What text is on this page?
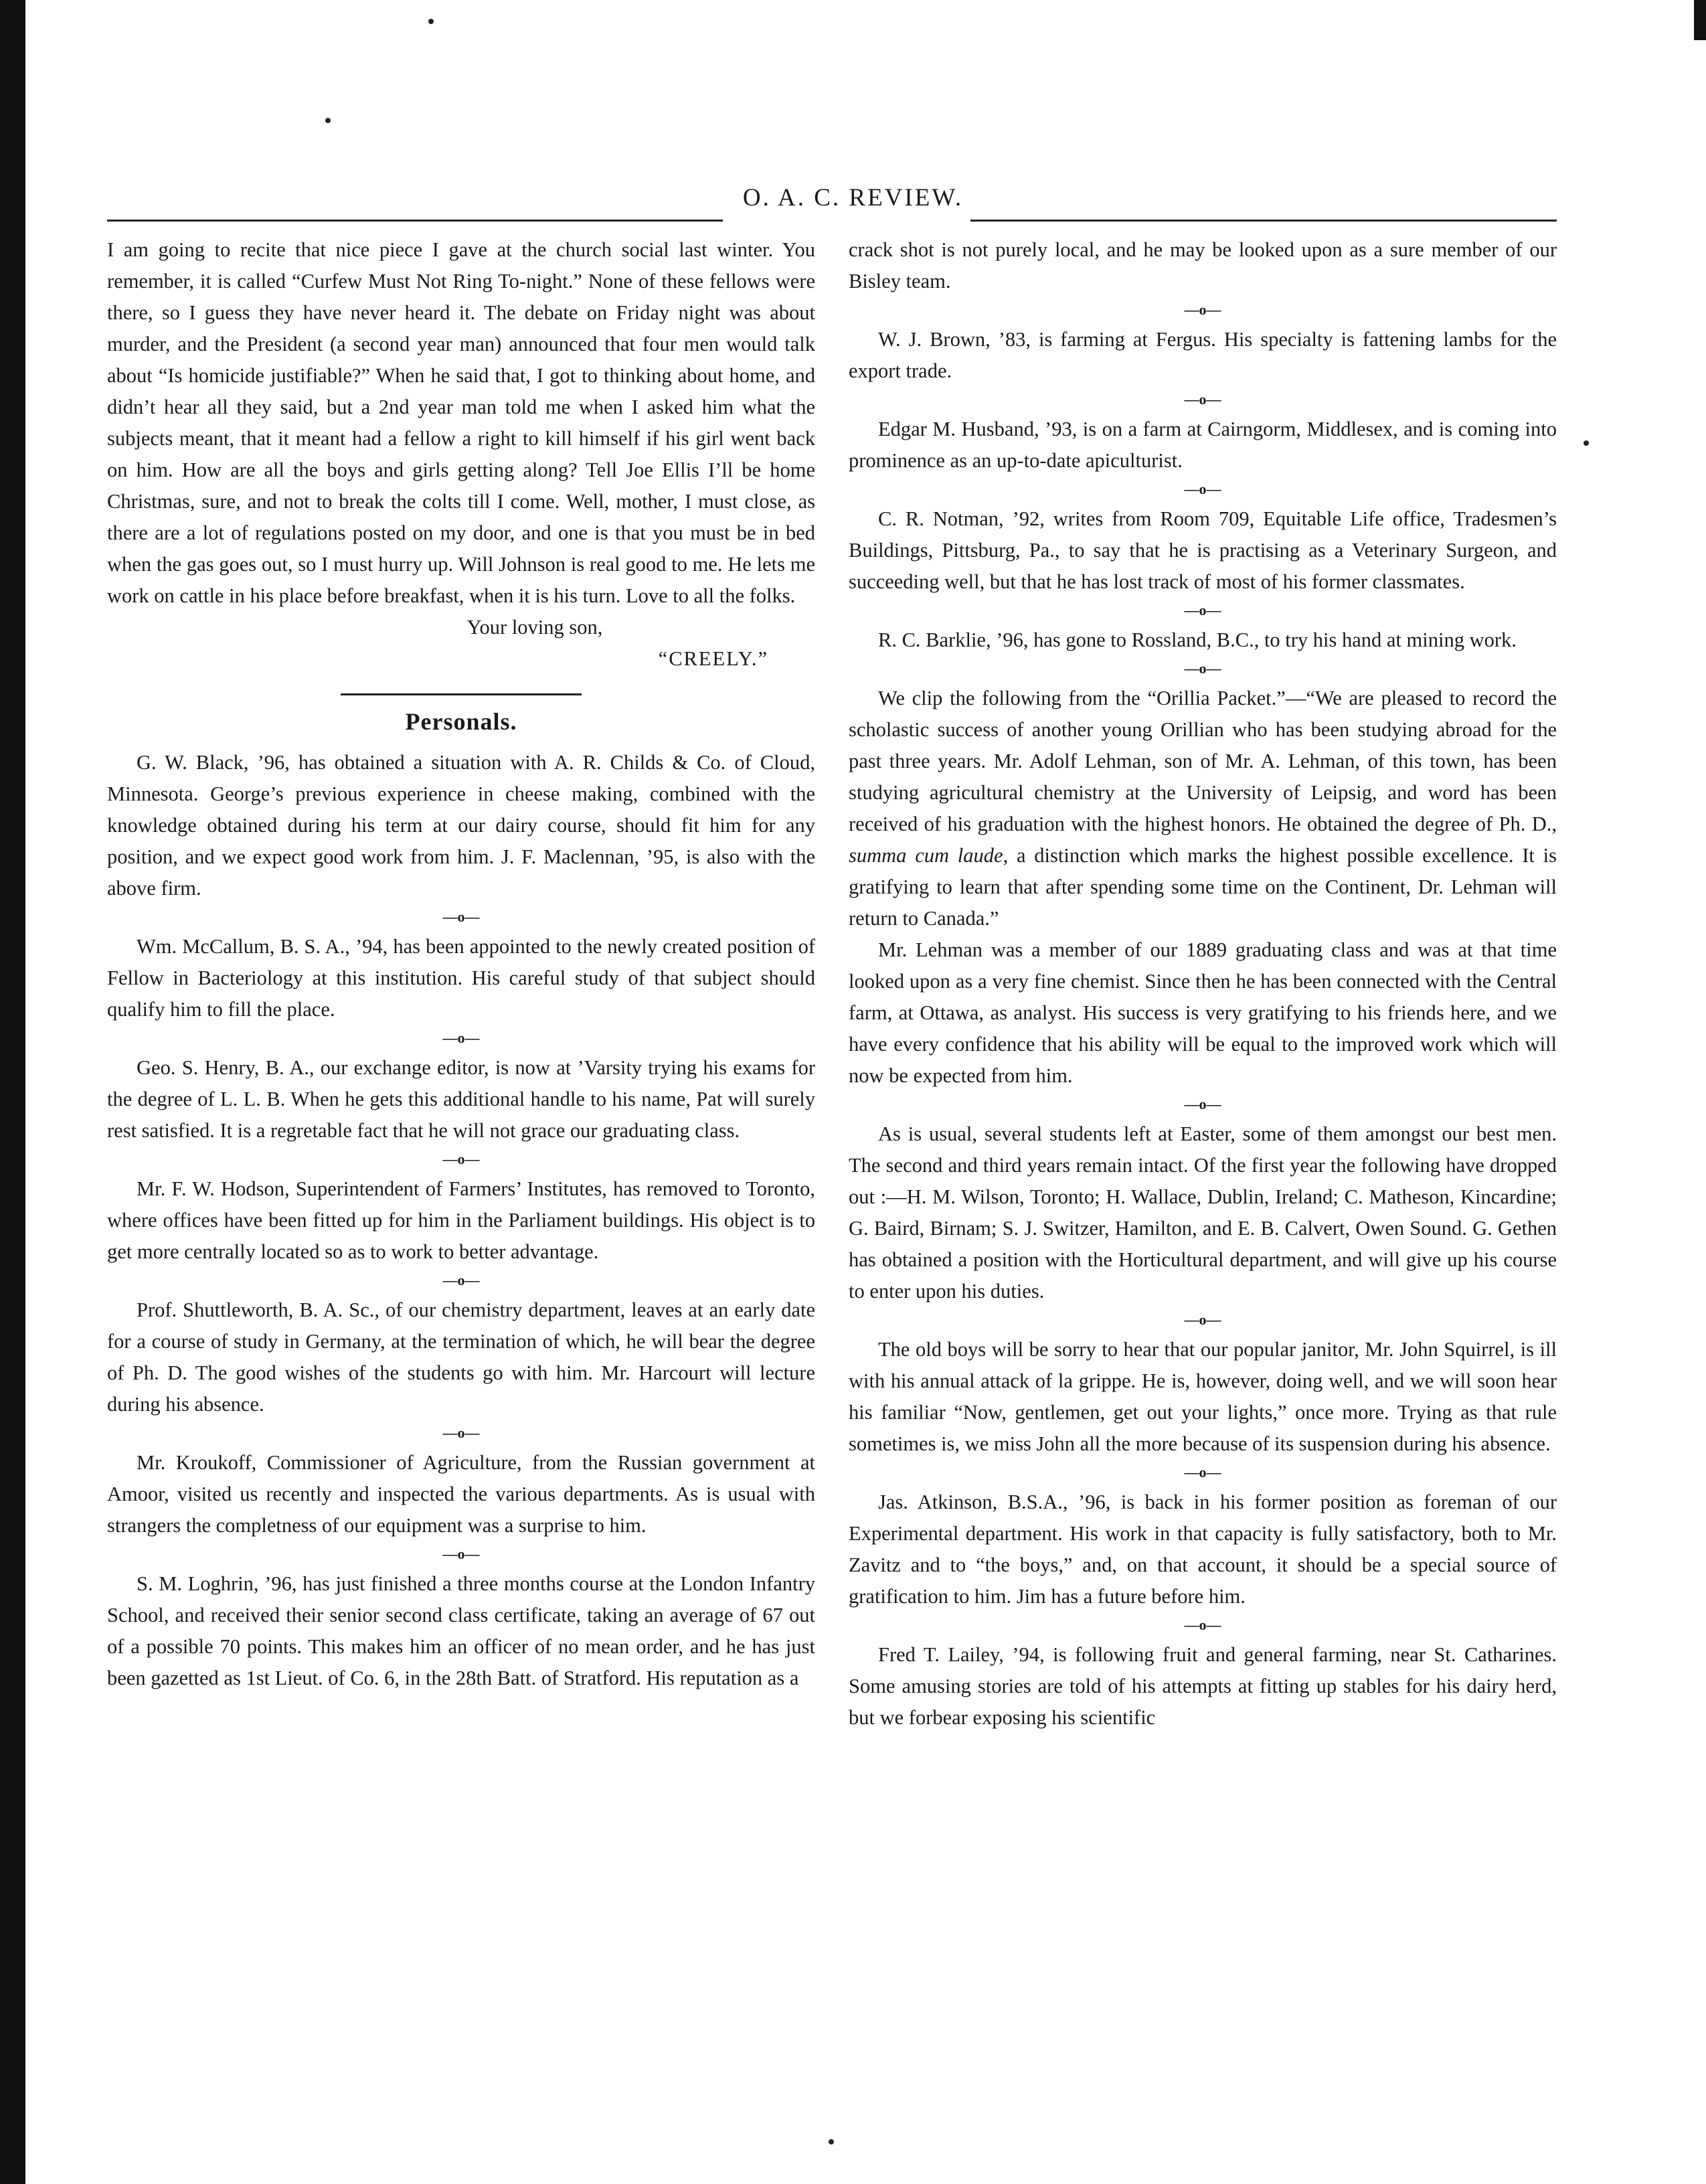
O. A. C. REVIEW.

I am going to recite that nice piece I gave at the church social last winter. You remember, it is called “Curfew Must Not Ring To-night.” None of these fellows were there, so I guess they have never heard it. The debate on Friday night was about murder, and the President (a second year man) announced that four men would talk about “Is homicide justifiable?” When he said that, I got to thinking about home, and didn’t hear all they said, but a 2nd year man told me when I asked him what the subjects meant, that it meant had a fellow a right to kill himself if his girl went back on him. How are all the boys and girls getting along? Tell Joe Ellis I’ll be home Christmas, sure, and not to break the colts till I come. Well, mother, I must close, as there are a lot of regulations posted on my door, and one is that you must be in bed when the gas goes out, so I must hurry up. Will Johnson is real good to me. He lets me work on cattle in his place before breakfast, when it is his turn. Love to all the folks.

Your loving son,

“CREELY.”

Personals.

G. W. Black, ’96, has obtained a situation with A. R. Childs & Co. of Cloud, Minnesota. George’s previous experience in cheese making, combined with the knowledge obtained during his term at our dairy course, should fit him for any position, and we expect good work from him. J. F. Maclennan, ’95, is also with the above firm.

—o—

Wm. McCallum, B. S. A., ’94, has been appointed to the newly created position of Fellow in Bacteriology at this institution. His careful study of that subject should qualify him to fill the place.

—o—

Geo. S. Henry, B. A., our exchange editor, is now at ’Varsity trying his exams for the degree of L. L. B. When he gets this additional handle to his name, Pat will surely rest satisfied. It is a regretable fact that he will not grace our graduating class.

—o—

Mr. F. W. Hodson, Superintendent of Farmers’ Institutes, has removed to Toronto, where offices have been fitted up for him in the Parliament buildings. His object is to get more centrally located so as to work to better advantage.

—o—

Prof. Shuttleworth, B. A. Sc., of our chemistry department, leaves at an early date for a course of study in Germany, at the termination of which, he will bear the degree of Ph. D. The good wishes of the students go with him. Mr. Harcourt will lecture during his absence.

—o—

Mr. Kroukoff, Commissioner of Agriculture, from the Russian government at Amoor, visited us recently and inspected the various departments. As is usual with strangers the completness of our equipment was a surprise to him.

—o—

S. M. Loghrin, ’96, has just finished a three months course at the London Infantry School, and received their senior second class certificate, taking an average of 67 out of a possible 70 points. This makes him an officer of no mean order, and he has just been gazetted as 1st Lieut. of Co. 6, in the 28th Batt. of Stratford. His reputation as a

crack shot is not purely local, and he may be looked upon as a sure member of our Bisley team.

—o—

W. J. Brown, ’83, is farming at Fergus. His specialty is fattening lambs for the export trade.

—o—

Edgar M. Husband, ’93, is on a farm at Cairngorm, Middlesex, and is coming into prominence as an up-to-date apiculturist.

—o—

C. R. Notman, ’92, writes from Room 709, Equitable Life office, Tradesmen’s Buildings, Pittsburg, Pa., to say that he is practising as a Veterinary Surgeon, and succeeding well, but that he has lost track of most of his former classmates.

—o—

R. C. Barklie, ’96, has gone to Rossland, B.C., to try his hand at mining work.

—o—

We clip the following from the “Orillia Packet.”—“We are pleased to record the scholastic success of another young Orillian who has been studying abroad for the past three years. Mr. Adolf Lehman, son of Mr. A. Lehman, of this town, has been studying agricultural chemistry at the University of Leipsig, and word has been received of his graduation with the highest honors. He obtained the degree of Ph. D., summa cum laude, a distinction which marks the highest possible excellence. It is gratifying to learn that after spending some time on the Continent, Dr. Lehman will return to Canada.”

Mr. Lehman was a member of our 1889 graduating class and was at that time looked upon as a very fine chemist. Since then he has been connected with the Central farm, at Ottawa, as analyst. His success is very gratifying to his friends here, and we have every confidence that his ability will be equal to the improved work which will now be expected from him.

—o—

As is usual, several students left at Easter, some of them amongst our best men. The second and third years remain intact. Of the first year the following have dropped out :—H. M. Wilson, Toronto; H. Wallace, Dublin, Ireland; C. Matheson, Kincardine; G. Baird, Birnam; S. J. Switzer, Hamilton, and E. B. Calvert, Owen Sound. G. Gethen has obtained a position with the Horticultural department, and will give up his course to enter upon his duties.

—o—

The old boys will be sorry to hear that our popular janitor, Mr. John Squirrel, is ill with his annual attack of la grippe. He is, however, doing well, and we will soon hear his familiar “Now, gentlemen, get out your lights,” once more. Trying as that rule sometimes is, we miss John all the more because of its suspension during his absence.

—o—

Jas. Atkinson, B.S.A., ’96, is back in his former position as foreman of our Experimental department. His work in that capacity is fully satisfactory, both to Mr. Zavitz and to “the boys,” and, on that account, it should be a special source of gratification to him. Jim has a future before him.

—o—

Fred T. Lailey, ’94, is following fruit and general farming, near St. Catharines. Some amusing stories are told of his attempts at fitting up stables for his dairy herd, but we forbear exposing his scientific
